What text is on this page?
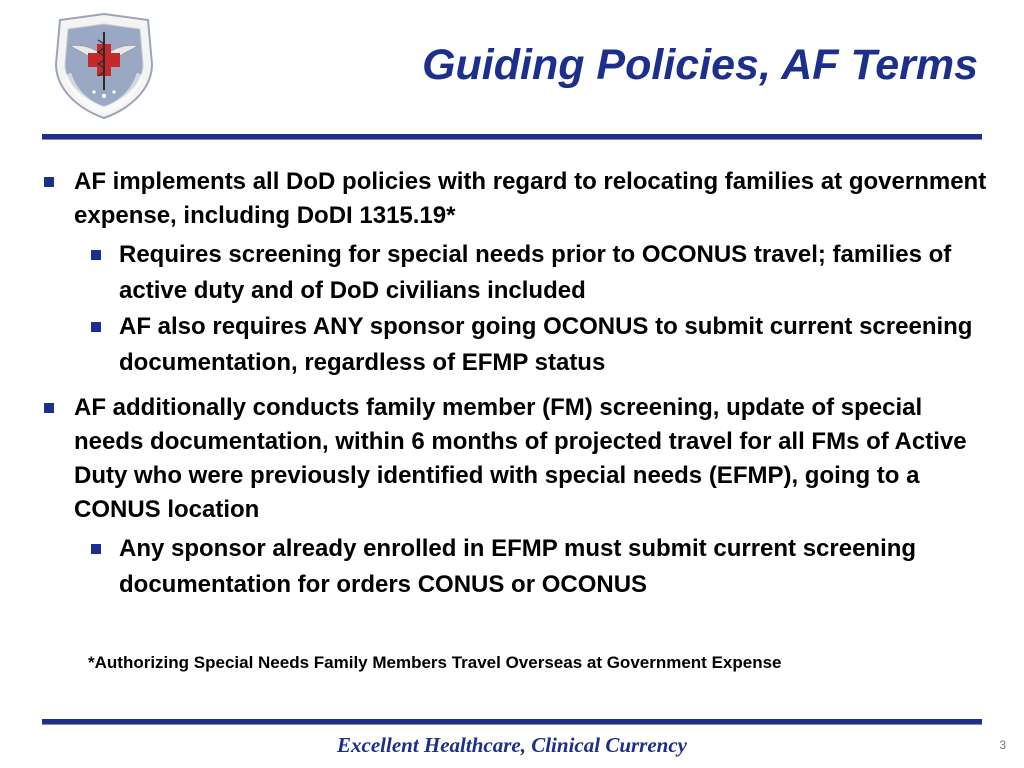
Guiding Policies, AF Terms
AF implements all DoD policies with regard to relocating families at government expense, including DoDI 1315.19*
Requires screening for special needs prior to OCONUS travel; families of active duty and of DoD civilians included
AF also requires ANY sponsor going OCONUS to submit current screening documentation, regardless of EFMP status
AF additionally conducts family member (FM) screening, update of special needs documentation, within 6 months of projected travel for all FMs of Active Duty who were previously identified with special needs (EFMP), going to a CONUS location
Any sponsor already enrolled in EFMP must submit current screening documentation for orders CONUS or OCONUS
*Authorizing Special Needs Family Members Travel Overseas at Government Expense
Excellent Healthcare, Clinical Currency	3
